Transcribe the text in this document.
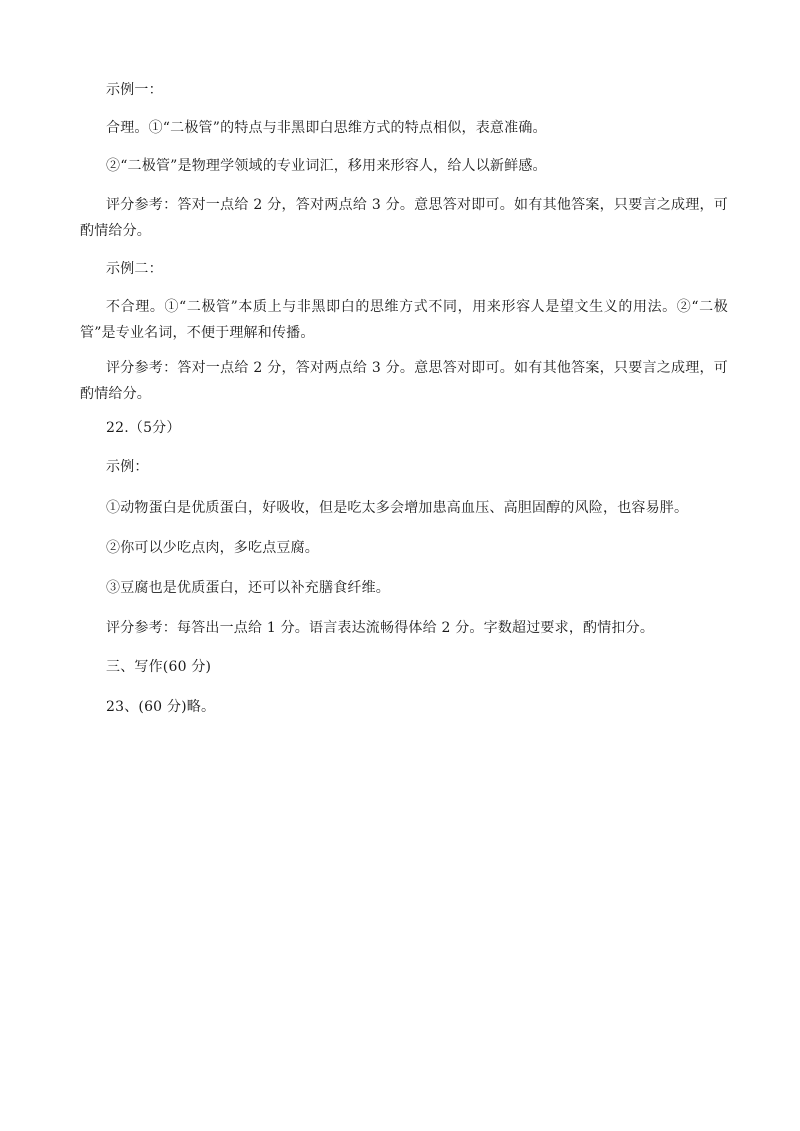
示例一：
合理。①“二极管”的特点与非黑即白思维方式的特点相似，表意准确。
②“二极管”是物理学领域的专业词汇，移用来形容人，给人以新鲜感。
评分参考：答对一点给 2 分，答对两点给 3 分。意思答对即可。如有其他答案，只要言之成理，可酌情给分。
示例二：
不合理。①“二极管”本质上与非黑即白的思维方式不同，用来形容人是望文生义的用法。②“二极管”是专业名词，不便于理解和传播。
评分参考：答对一点给 2 分，答对两点给 3 分。意思答对即可。如有其他答案，只要言之成理，可酌情给分。
22.（5分）
示例：
①动物蛋白是优质蛋白，好吸收，但是吃太多会增加患高血压、高胆固醇的风险，也容易胖。
②你可以少吃点肉，多吃点豆腐。
③豆腐也是优质蛋白，还可以补充膳食纤维。
评分参考：每答出一点给 1 分。语言表达流畅得体给 2 分。字数超过要求，酌情扣分。
三、写作(60 分)
23、(60 分)略。
